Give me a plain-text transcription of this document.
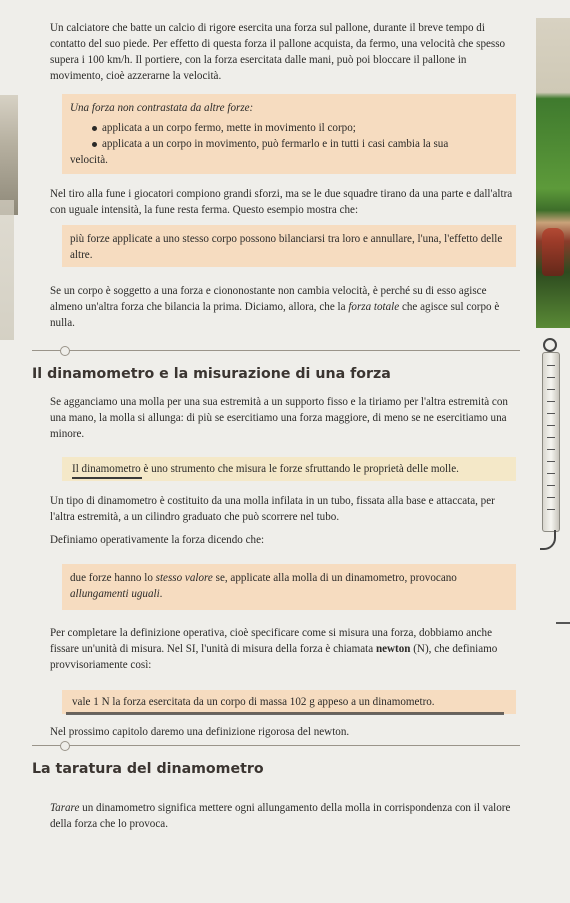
Un calciatore che batte un calcio di rigore esercita una forza sul pallone, durante il breve tempo di contatto del suo piede. Per effetto di questa forza il pallone acquista, da fermo, una velocità che spesso supera i 100 km/h. Il portiere, con la forza esercitata dalle mani, può poi bloccare il pallone in movimento, cioè azzerarne la velocità.

Una forza non contrastata da altre forze:
applicata a un corpo fermo, mette in movimento il corpo;
applicata a un corpo in movimento, può fermarlo e in tutti i casi cambia la sua
velocità.

Nel tiro alla fune i giocatori compiono grandi sforzi, ma se le due squadre tirano da una parte e dall'altra con uguale intensità, la fune resta ferma. Questo esempio mostra che:

più forze applicate a uno stesso corpo possono bilanciarsi tra loro e annullare, l'una, l'effetto delle altre.

Se un corpo è soggetto a una forza e ciononostante non cambia velocità, è perché su di esso agisce almeno un'altra forza che bilancia la prima. Diciamo, allora, che la forza totale che agisce sul corpo è nulla.

Il dinamometro e la misurazione di una forza

Se agganciamo una molla per una sua estremità a un supporto fisso e la tiriamo per l'altra estremità con una mano, la molla si allunga: di più se esercitiamo una forza maggiore, di meno se ne esercitiamo una minore.

Il dinamometro è uno strumento che misura le forze sfruttando le proprietà delle molle.

Un tipo di dinamometro è costituito da una molla infilata in un tubo, fissata alla base e attaccata, per l'altra estremità, a un cilindro graduato che può scorrere nel tubo.

Definiamo operativamente la forza dicendo che:

due forze hanno lo stesso valore se, applicate alla molla di un dinamometro, provocano allungamenti uguali.

Per completare la definizione operativa, cioè specificare come si misura una forza, dobbiamo anche fissare un'unità di misura. Nel SI, l'unità di misura della forza è chiamata newton (N), che definiamo provvisoriamente così:

vale 1 N la forza esercitata da un corpo di massa 102 g appeso a un dinamometro.

Nel prossimo capitolo daremo una definizione rigorosa del newton.

La taratura del dinamometro

Tarare un dinamometro significa mettere ogni allungamento della molla in corrispondenza con il valore della forza che lo provoca.
